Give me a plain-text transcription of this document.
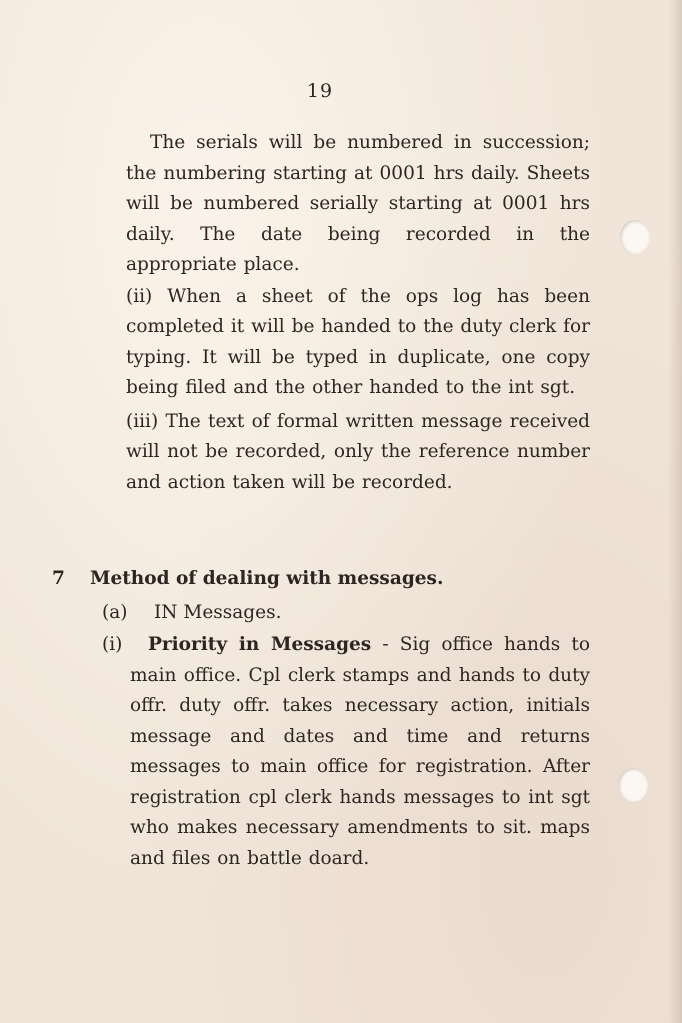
19

The serials will be numbered in succession; the numbering starting at 0001 hrs daily. Sheets will be numbered serially starting at 0001 hrs daily. The date being recorded in the appropriate place.

(ii) When a sheet of the ops log has been completed it will be handed to the duty clerk for typing. It will be typed in duplicate, one copy being filed and the other handed to the int sgt.

(iii) The text of formal written message received will not be recorded, only the reference number and action taken will be recorded.

7 Method of dealing with messages.
(a) IN Messages.

(i) Priority in Messages - Sig office hands to main office. Cpl clerk stamps and hands to duty offr. duty offr. takes necessary action, initials message and dates and time and returns messages to main office for registration. After registration cpl clerk hands messages to int sgt who makes necessary amendments to sit. maps and files on battle doard.
